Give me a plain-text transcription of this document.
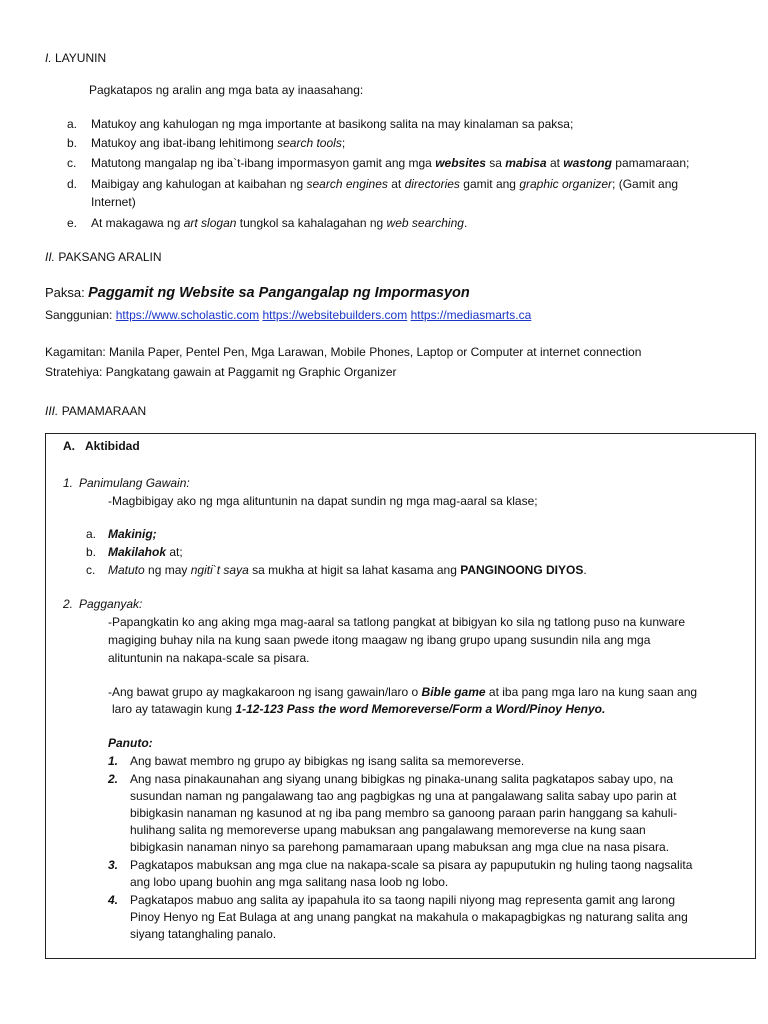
I. LAYUNIN
Pagkatapos ng aralin ang mga bata ay inaasahang:
a. Matukoy ang kahulogan ng mga importante at basikong salita na may kinalaman sa paksa;
b. Matukoy ang ibat-ibang lehitimong search tools;
c. Matutong mangalap ng iba`t-ibang impormasyon gamit ang mga websites sa mabisa at wastong pamamaraan;
d. Maibigay ang kahulogan at kaibahan ng search engines at directories gamit ang graphic organizer; (Gamit ang
Internet)
e. At makagawa ng art slogan tungkol sa kahalagahan ng web searching.
II. PAKSANG ARALIN
Paksa: Paggamit ng Website sa Pangangalap ng Impormasyon
Sanggunian: https://www.scholastic.com https://websitebuilders.com https://mediasmarts.ca
Kagamitan: Manila Paper, Pentel Pen, Mga Larawan, Mobile Phones, Laptop or Computer at internet connection
Stratehiya: Pangkatang gawain at Paggamit ng Graphic Organizer
III. PAMAMARAAN
A. Aktibidad
1. Panimulang Gawain:
-Magbibigay ako ng mga alituntunin na dapat sundin ng mga mag-aaral sa klase;
a. Makinig;
b. Makilahok at;
c. Matuto ng may ngiti`t saya sa mukha at higit sa lahat kasama ang PANGINOONG DIYOS.
2. Pagganyak:
-Papangkatin ko ang aking mga mag-aaral sa tatlong pangkat at bibigyan ko sila ng tatlong puso na kunware
magiging buhay nila na kung saan pwede itong maagaw ng ibang grupo upang susundin nila ang mga
alituntunin na nakapa-scale sa pisara.
-Ang bawat grupo ay magkakaroon ng isang gawain/laro o Bible game at iba pang mga laro na kung saan ang
laro ay tatawagin kung 1-12-123 Pass the word Memoreverse/Form a Word/Pinoy Henyo.
Panuto:
1. Ang bawat membro ng grupo ay bibigkas ng isang salita sa memoreverse.
2. Ang nasa pinakaunahan ang siyang unang bibigkas ng pinaka-unang salita pagkatapos sabay upo, na
susundan naman ng pangalawang tao ang pagbigkas ng una at pangalawang salita sabay upo parin at
bibigkasin nanaman ng kasunod at ng iba pang membro sa ganoong paraan parin hanggang sa kahuli-
hulihang salita ng memoreverse upang mabuksan ang pangalawang memoreverse na kung saan
bibigkasin nanaman ninyo sa parehong pamamaraan upang mabuksan ang mga clue na nasa pisara.
3. Pagkatapos mabuksan ang mga clue na nakapa-scale sa pisara ay papuputukin ng huling taong nagsalita
ang lobo upang buohin ang mga salitang nasa loob ng lobo.
4. Pagkatapos mabuo ang salita ay ipapahula ito sa taong napili niyong mag representa gamit ang larong
Pinoy Henyo ng Eat Bulaga at ang unang pangkat na makahula o makapagbigkas ng naturang salita ang
siyang tatanghaling panalo.
